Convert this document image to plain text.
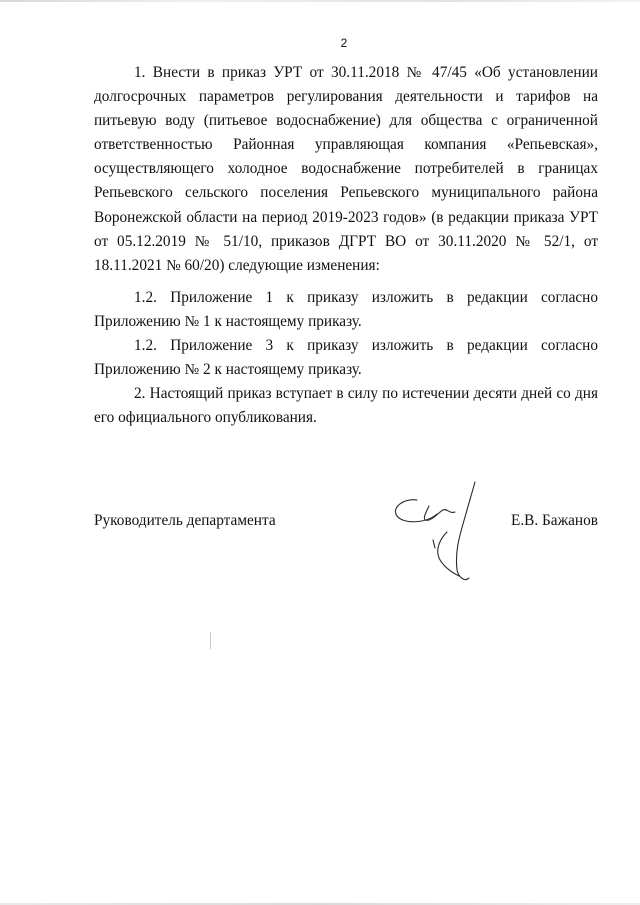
2

1. Внести в приказ УРТ от 30.11.2018 № 47/45 «Об установлении долгосрочных параметров регулирования деятельности и тарифов на питьевую воду (питьевое водоснабжение) для общества с ограниченной ответственностью Районная управляющая компания «Репьевская», осуществляющего холодное водоснабжение потребителей в границах Репьевского сельского поселения Репьевского муниципального района Воронежской области на период 2019-2023 годов» (в редакции приказа УРТ от 05.12.2019 № 51/10, приказов ДГРТ ВО от 30.11.2020 № 52/1, от 18.11.2021 № 60/20) следующие изменения:

1.2. Приложение 1 к приказу изложить в редакции согласно Приложению № 1 к настоящему приказу.

1.2. Приложение 3 к приказу изложить в редакции согласно Приложению № 2 к настоящему приказу.

2. Настоящий приказ вступает в силу по истечении десяти дней со дня его официального опубликования.

Руководитель департамента	Е.В. Бажанов
